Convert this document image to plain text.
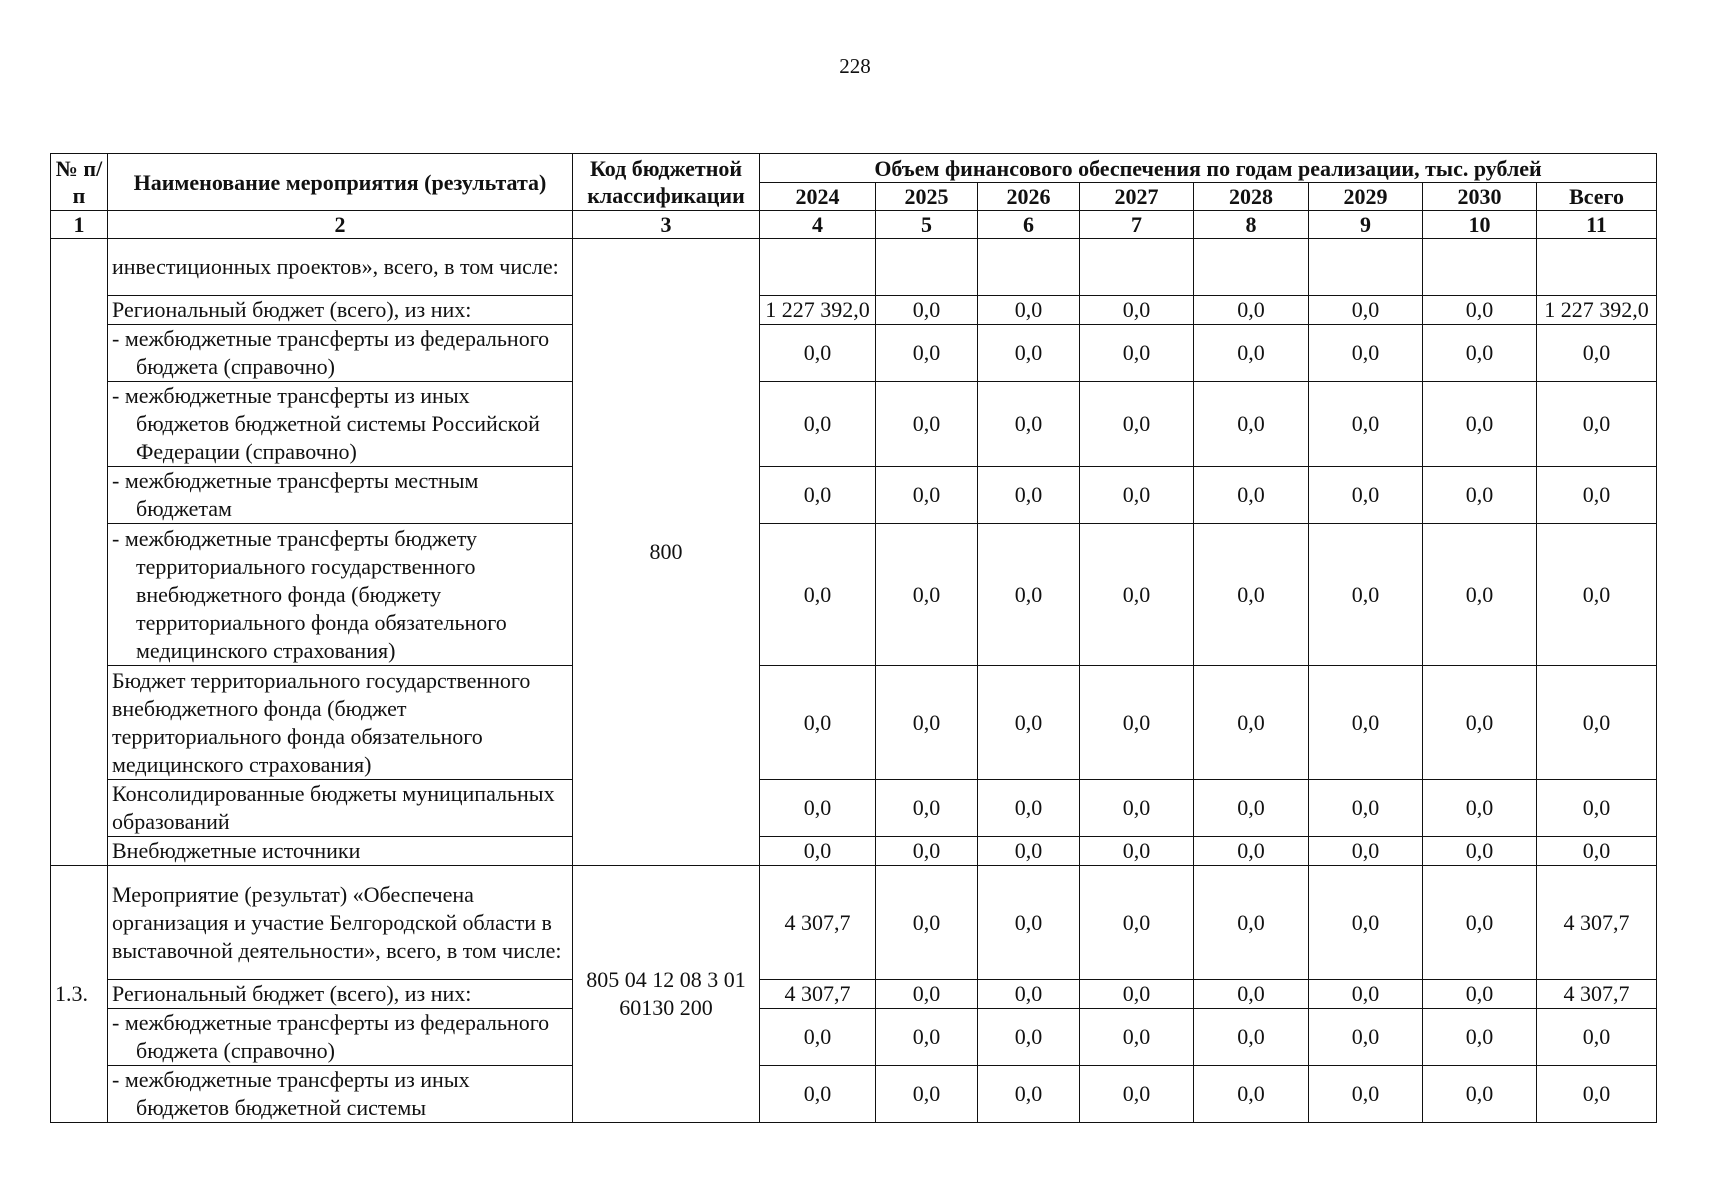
228
№ п/п	Наименование мероприятия (результата)	Код бюджетной классификации	Объем финансового обеспечения по годам реализации, тыс. рублей							
			2024	2025	2026	2027	2028	2029	2030	Всего
1	2	3	4	5	6	7	8	9	10	11
	инвестиционных проектов», всего, в том числе:	800								
	Региональный бюджет (всего), из них:		1 227 392,0	0,0	0,0	0,0	0,0	0,0	0,0	1 227 392,0
	- межбюджетные трансферты из федерального бюджета (справочно)		0,0	0,0	0,0	0,0	0,0	0,0	0,0	0,0
	- межбюджетные трансферты из иных бюджетов бюджетной системы Российской Федерации (справочно)		0,0	0,0	0,0	0,0	0,0	0,0	0,0	0,0
	- межбюджетные трансферты местным бюджетам		0,0	0,0	0,0	0,0	0,0	0,0	0,0	0,0
	- межбюджетные трансферты бюджету территориального государственного внебюджетного фонда (бюджету территориального фонда обязательного медицинского страхования)		0,0	0,0	0,0	0,0	0,0	0,0	0,0	0,0
	Бюджет территориального государственного внебюджетного фонда (бюджет территориального фонда обязательного медицинского страхования)		0,0	0,0	0,0	0,0	0,0	0,0	0,0	0,0
	Консолидированные бюджеты муниципальных образований		0,0	0,0	0,0	0,0	0,0	0,0	0,0	0,0
	Внебюджетные источники		0,0	0,0	0,0	0,0	0,0	0,0	0,0	0,0
1.3.	Мероприятие (результат) «Обеспечена организация и участие Белгородской области в выставочной деятельности», всего, в том числе:	805 04 12 08 3 01 60130 200	4 307,7	0,0	0,0	0,0	0,0	0,0	0,0	4 307,7
	Региональный бюджет (всего), из них:		4 307,7	0,0	0,0	0,0	0,0	0,0	0,0	4 307,7
	- межбюджетные трансферты из федерального бюджета (справочно)		0,0	0,0	0,0	0,0	0,0	0,0	0,0	0,0
	- межбюджетные трансферты из иных бюджетов бюджетной системы		0,0	0,0	0,0	0,0	0,0	0,0	0,0	0,0
